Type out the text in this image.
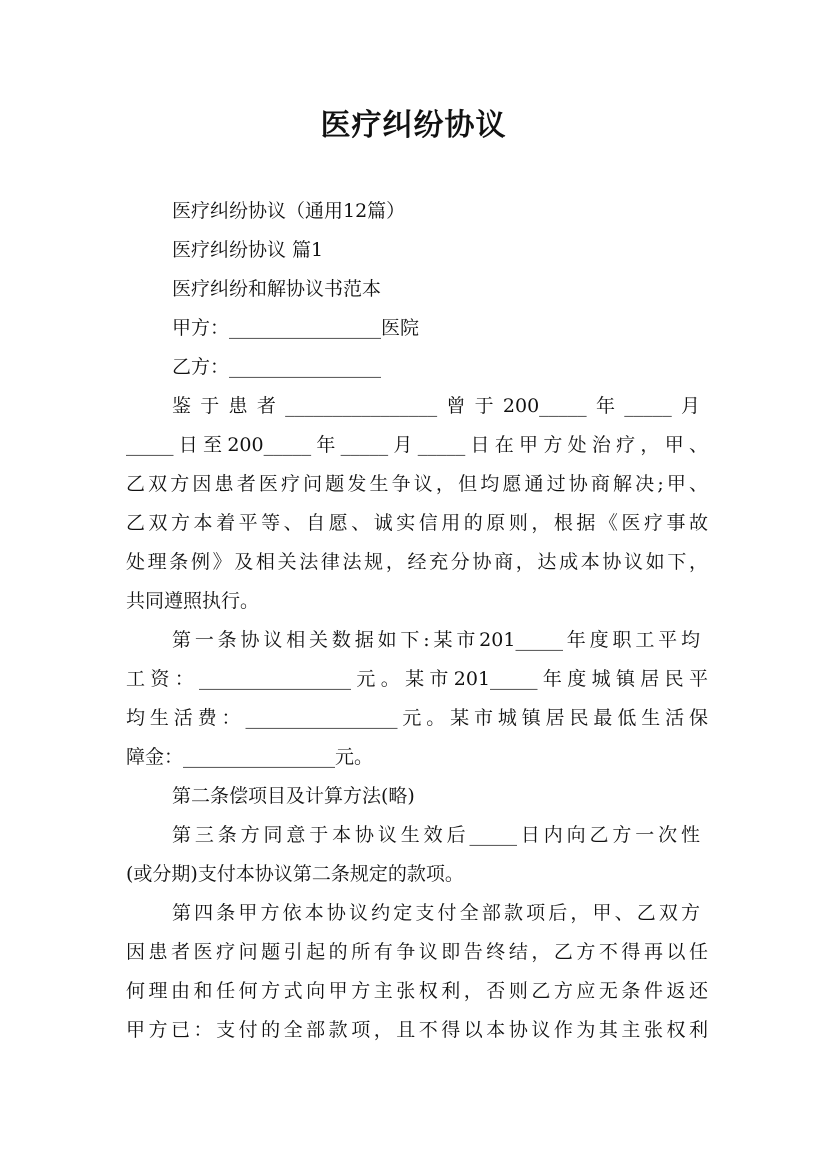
医疗纠纷协议
医疗纠纷协议（通用12篇）
医疗纠纷协议 篇1
医疗纠纷和解协议书范本
甲方：________________医院
乙方：________________
鉴于患者________________曾于200_____年_____月
_____日至200_____年_____月_____日在甲方处治疗，甲、
乙双方因患者医疗问题发生争议，但均愿通过协商解决;甲、
乙双方本着平等、自愿、诚实信用的原则，根据《医疗事故
处理条例》及相关法律法规，经充分协商，达成本协议如下，
共同遵照执行。
第一条协议相关数据如下:某市201_____年度职工平均
工资：________________元。某市201_____年度城镇居民平
均生活费：________________元。某市城镇居民最低生活保
障金：________________元。
第二条偿项目及计算方法(略)
第三条方同意于本协议生效后_____日内向乙方一次性
(或分期)支付本协议第二条规定的款项。
第四条甲方依本协议约定支付全部款项后，甲、乙双方
因患者医疗问题引起的所有争议即告终结，乙方不得再以任
何理由和任何方式向甲方主张权利，否则乙方应无条件返还
甲方已：支付的全部款项，且不得以本协议作为其主张权利
